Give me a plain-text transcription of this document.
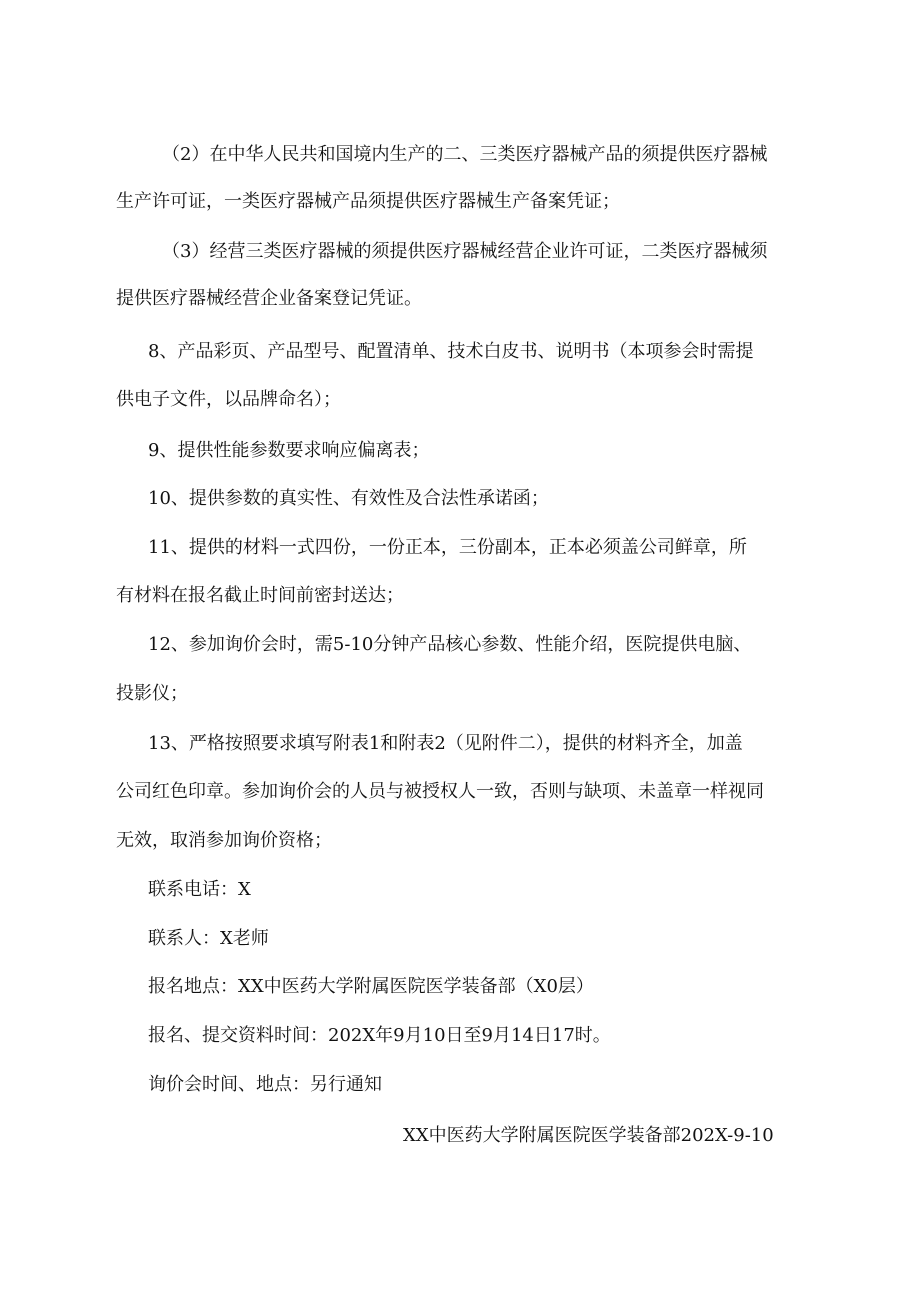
（2）在中华人民共和国境内生产的二、三类医疗器械产品的须提供医疗器械
生产许可证，一类医疗器械产品须提供医疗器械生产备案凭证；
（3）经营三类医疗器械的须提供医疗器械经营企业许可证，二类医疗器械须
提供医疗器械经营企业备案登记凭证。
8、产品彩页、产品型号、配置清单、技术白皮书、说明书（本项参会时需提
供电子文件，以品牌命名）；
9、提供性能参数要求响应偏离表；
10、提供参数的真实性、有效性及合法性承诺函；
11、提供的材料一式四份，一份正本，三份副本，正本必须盖公司鲜章，所
有材料在报名截止时间前密封送达；
12、参加询价会时，需5-10分钟产品核心参数、性能介绍，医院提供电脑、
投影仪；
13、严格按照要求填写附表1和附表2（见附件二），提供的材料齐全，加盖
公司红色印章。参加询价会的人员与被授权人一致，否则与缺项、未盖章一样视同
无效，取消参加询价资格；
联系电话：X
联系人：X老师
报名地点：XX中医药大学附属医院医学装备部（X0层）
报名、提交资料时间：202X年9月10日至9月14日17时。
询价会时间、地点：另行通知
XX中医药大学附属医院医学装备部202X-9-10
